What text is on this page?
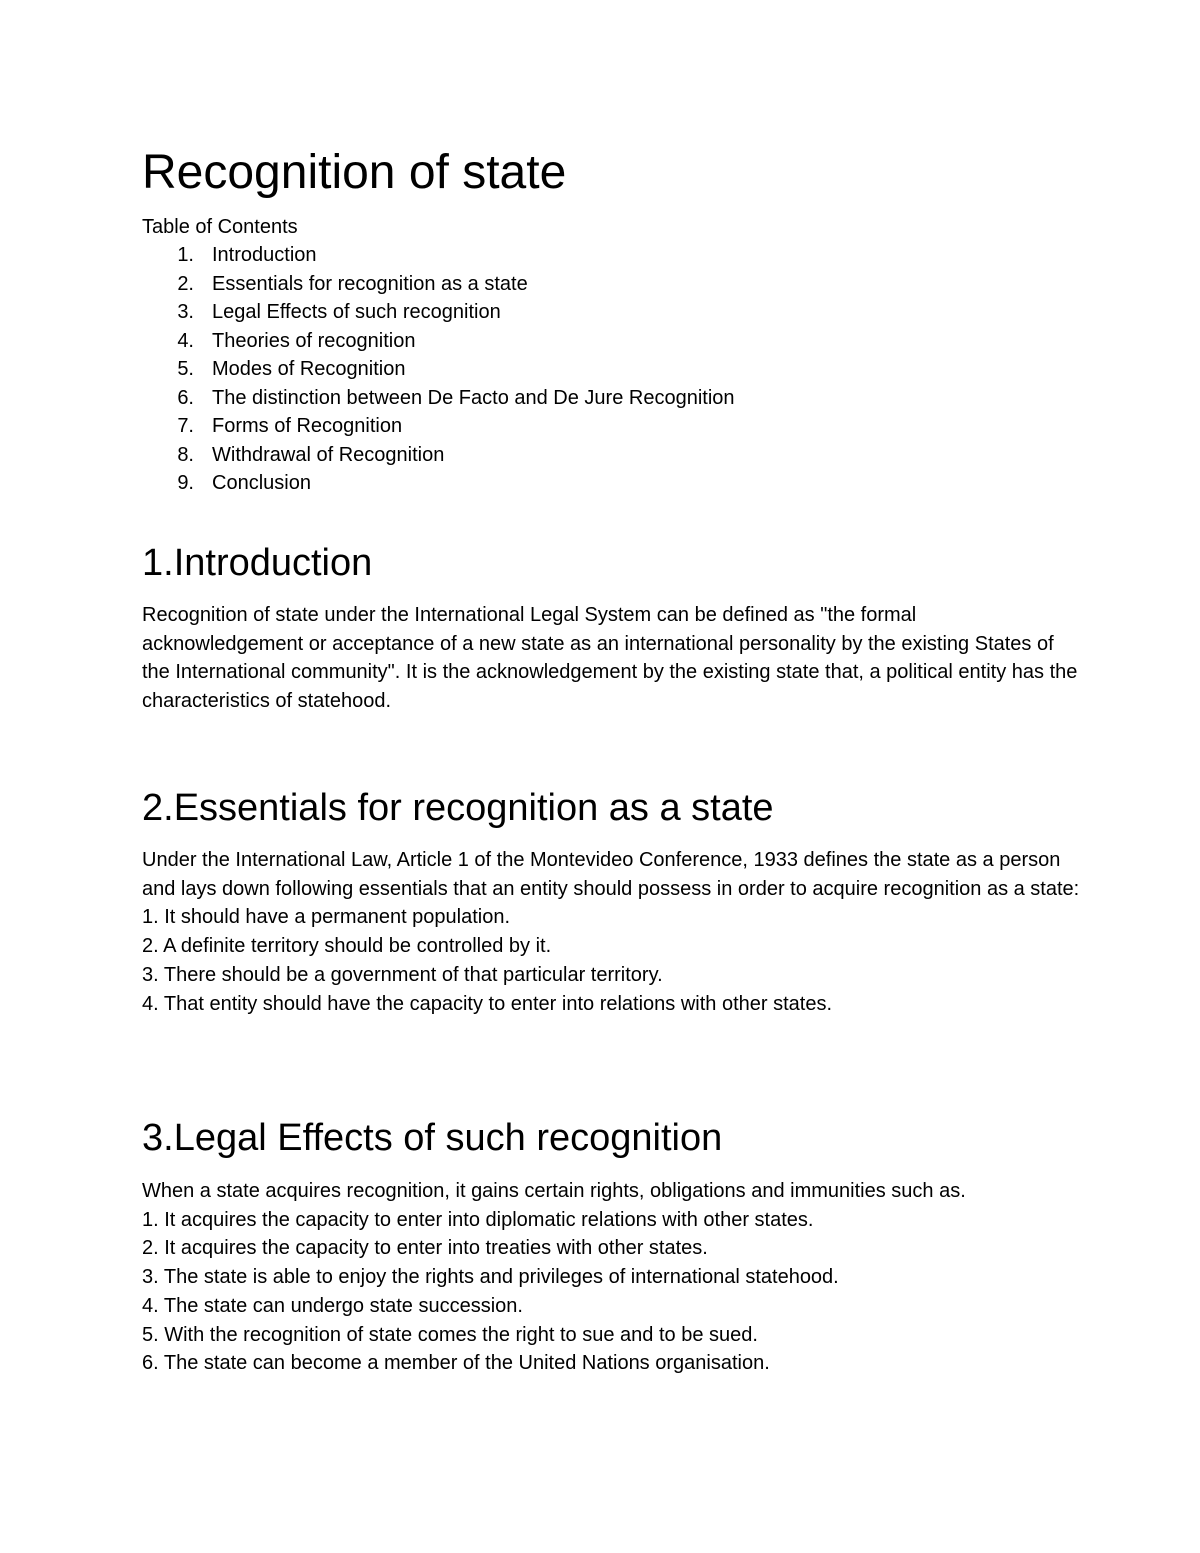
Recognition of state
Table of Contents
1. Introduction
2. Essentials for recognition as a state
3. Legal Effects of such recognition
4. Theories of recognition
5. Modes of Recognition
6. The distinction between De Facto and De Jure Recognition
7. Forms of Recognition
8. Withdrawal of Recognition
9. Conclusion
1.Introduction

Recognition of state under the International Legal System can be defined as "the formal acknowledgement or acceptance of a new state as an international personality by the existing States of the International community". It is the acknowledgement by the existing state that, a political entity has the characteristics of statehood.

2.Essentials for recognition as a state

Under the International Law, Article 1 of the Montevideo Conference, 1933 defines the state as a person and lays down following essentials that an entity should possess in order to acquire recognition as a state:

1. It should have a permanent population.
2. A definite territory should be controlled by it.
3. There should be a government of that particular territory.
4. That entity should have the capacity to enter into relations with other states.
3.Legal Effects of such recognition

When a state acquires recognition, it gains certain rights, obligations and immunities such as.

1. It acquires the capacity to enter into diplomatic relations with other states.
2. It acquires the capacity to enter into treaties with other states.
3. The state is able to enjoy the rights and privileges of international statehood.
4. The state can undergo state succession.
5. With the recognition of state comes the right to sue and to be sued.
6. The state can become a member of the United Nations organisation.
